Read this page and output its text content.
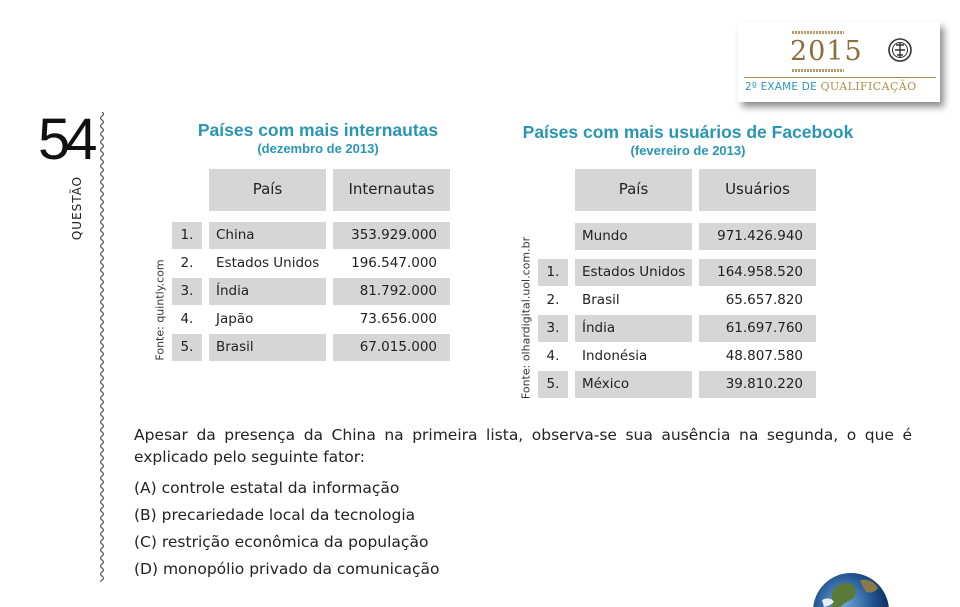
2015
2º EXAME DE QUALIFICAÇÃO
54
QUESTÃO
Países com mais internautas
(dezembro de 2013)
País	Internautas
1.	China	353.929.000
2.	Estados Unidos	196.547.000
3.	Índia	81.792.000
4.	Japão	73.656.000
5.	Brasil	67.015.000
Fonte: quintly.com
Países com mais usuários de Facebook
(fevereiro de 2013)
País	Usuários
Mundo	971.426.940
1.	Estados Unidos	164.958.520
2.	Brasil	65.657.820
3.	Índia	61.697.760
4.	Indonésia	48.807.580
5.	México	39.810.220
Fonte: olhardigital.uol.com.br
Apesar da presença da China na primeira lista, observa-se sua ausência na segunda, o que é explicado pelo seguinte fator:
(A) controle estatal da informação
(B) precariedade local da tecnologia
(C) restrição econômica da população
(D) monopólio privado da comunicação
